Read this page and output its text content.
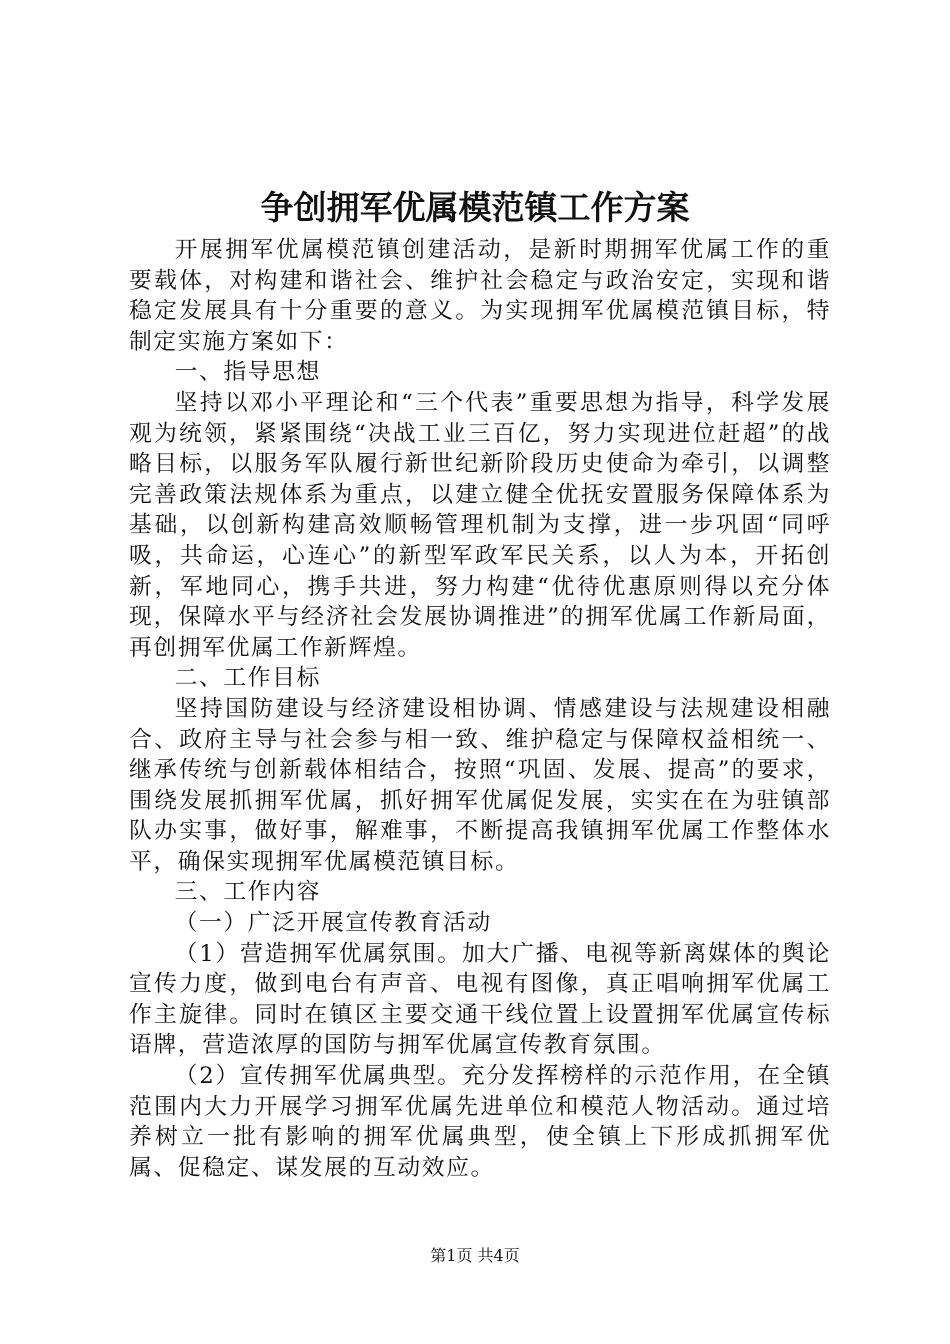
争创拥军优属模范镇工作方案

开展拥军优属模范镇创建活动，是新时期拥军优属工作的重要载体，对构建和谐社会、维护社会稳定与政治安定，实现和谐稳定发展具有十分重要的意义。为实现拥军优属模范镇目标，特制定实施方案如下：

一、指导思想

坚持以邓小平理论和“三个代表”重要思想为指导，科学发展观为统领，紧紧围绕“决战工业三百亿，努力实现进位赶超”的战略目标，以服务军队履行新世纪新阶段历史使命为牵引，以调整完善政策法规体系为重点，以建立健全优抚安置服务保障体系为基础，以创新构建高效顺畅管理机制为支撑，进一步巩固“同呼吸，共命运，心连心”的新型军政军民关系，以人为本，开拓创新，军地同心，携手共进，努力构建“优待优惠原则得以充分体现，保障水平与经济社会发展协调推进”的拥军优属工作新局面，再创拥军优属工作新辉煌。

二、工作目标

坚持国防建设与经济建设相协调、情感建设与法规建设相融合、政府主导与社会参与相一致、维护稳定与保障权益相统一、继承传统与创新载体相结合，按照“巩固、发展、提高”的要求，围绕发展抓拥军优属，抓好拥军优属促发展，实实在在为驻镇部队办实事，做好事，解难事，不断提高我镇拥军优属工作整体水平，确保实现拥军优属模范镇目标。

三、工作内容

（一）广泛开展宣传教育活动

（1）营造拥军优属氛围。加大广播、电视等新离媒体的舆论宣传力度，做到电台有声音、电视有图像，真正唱响拥军优属工作主旋律。同时在镇区主要交通干线位置上设置拥军优属宣传标语牌，营造浓厚的国防与拥军优属宣传教育氛围。

（2）宣传拥军优属典型。充分发挥榜样的示范作用，在全镇范围内大力开展学习拥军优属先进单位和模范人物活动。通过培养树立一批有影响的拥军优属典型，使全镇上下形成抓拥军优属、促稳定、谋发展的互动效应。

第1页 共4页
